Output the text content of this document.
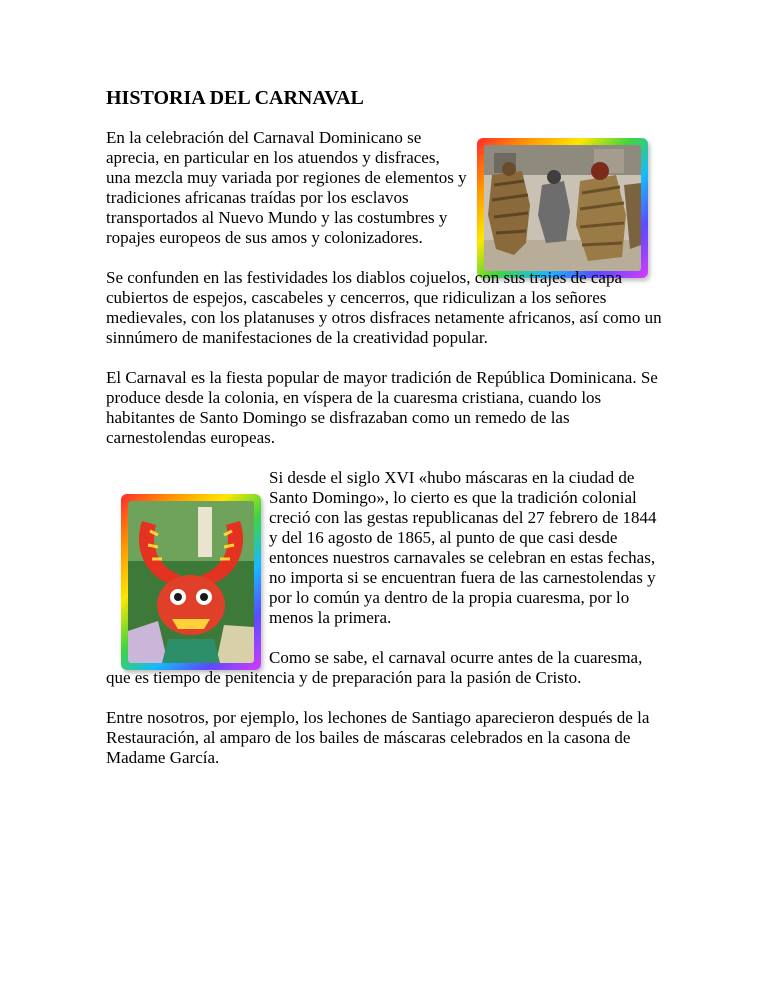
HISTORIA DEL CARNAVAL

En la celebración del Carnaval Dominicano se aprecia, en particular en los atuendos y disfraces, una mezcla muy variada por regiones de elementos y tradiciones africanas traídas por los esclavos transportados al Nuevo Mundo y las costumbres y ropajes europeos de sus amos y colonizadores.

Se confunden en las festividades los diablos cojuelos, con sus trajes de capa cubiertos de espejos, cascabeles y cencerros, que ridiculizan a los señores medievales, con los platanuses y otros disfraces netamente africanos, así como un sinnúmero de manifestaciones de la creatividad popular.

El Carnaval es la fiesta popular de mayor tradición de República Dominicana. Se produce desde la colonia, en víspera de la cuaresma cristiana, cuando los habitantes de Santo Domingo se disfrazaban como un remedo de las carnestolendas europeas.

Si desde el siglo XVI «hubo máscaras en la ciudad de Santo Domingo», lo cierto es que la tradición colonial creció con las gestas republicanas del 27 febrero de 1844 y del 16 agosto de 1865, al punto de que casi desde entonces nuestros carnavales se celebran en estas fechas, no importa si se encuentran fuera de las carnestolendas y por lo común ya dentro de la propia cuaresma, por lo menos la primera.

Como se sabe, el carnaval ocurre antes de la cuaresma, que es tiempo de penitencia y de preparación para la pasión de Cristo.

Entre nosotros, por ejemplo, los lechones de Santiago aparecieron después de la Restauración, al amparo de los bailes de máscaras celebrados en la casona de Madame García.
